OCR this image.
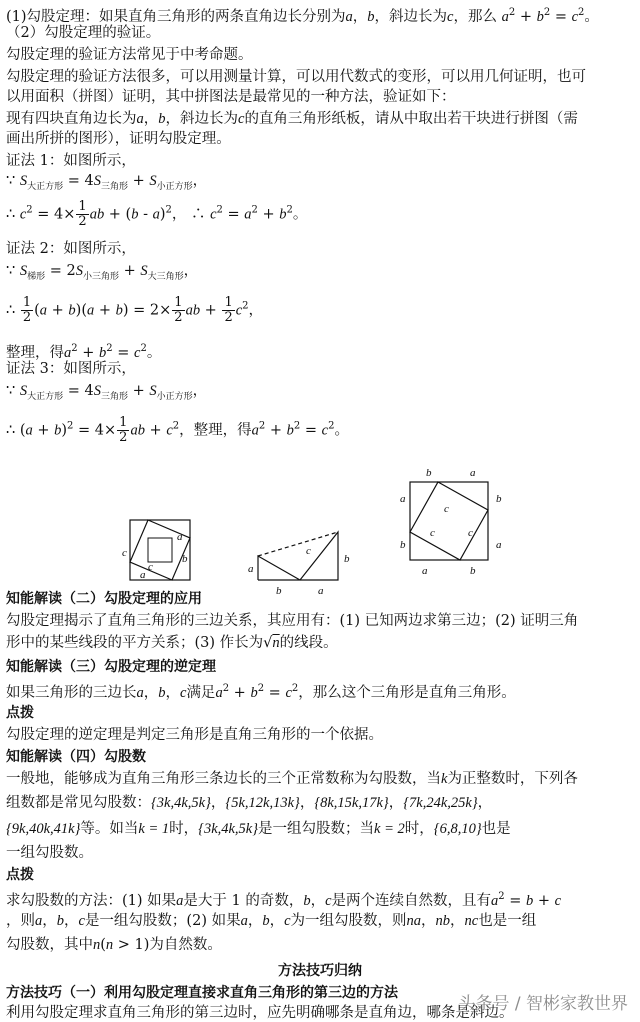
(1)勾股定理：如果直角三角形的两条直角边长分别为a，b，斜边长为c，那么 $a^2 + b^2 = c^2$。
（2）勾股定理的验证。
勾股定理的验证方法常见于中考命题。
勾股定理的验证方法很多，可以用测量计算，可以用代数式的变形，可以用几何证明，也可
以用面积（拼图）证明，其中拼图法是最常见的一种方法，验证如下：
现有四块直角边长为a，b，斜边长为c的直角三角形纸板，请从中取出若干块进行拼图（需
画出所拼的图形），证明勾股定理。
证法 1：如图所示，
∵ $S_{大正方形} = 4S_{三角形} + S_{小正方形}$，
∴ $c^2 = 4\times \frac{1}{2}$ ab + (b - a)$^2$， ∴ $c^2 = a^2 + b^2$。
证法 2：如图所示，
∵ $S_{梯形} = 2S_{小三角形} + S_{大三角形}$，
∴ $\frac{1}{2} (a + b)(a + b) = 2\times \frac{1}{2}$ ab + $\frac{1}{2} c^2$，
整理，得$a^2 + b^2 = c^2$。
证法 3：如图所示，
∵ $S_{大正方形} = 4S_{三角形} + S_{小正方形}$，
∴ $(a + b)^2 = 4\times \frac{1}{2}$ ab + $c^2$，整理，得$a^2 + b^2 = c^2$。
c
a
b
c
a	a
b	a
b
c
b	a
a
b
b
a
a	b
c
c	c
知能解读（二）勾股定理的应用
勾股定理揭示了直角三角形的三边关系，其应用有：(1) 已知两边求第三边；(2) 证明三角
形中的某些线段的平方关系；(3) 作长为√n的线段。
知能解读（三）勾股定理的逆定理
如果三角形的三边长a，b，c满足$a^2 + b^2 = c^2$，那么这个三角形是直角三角形。
点拨
勾股定理的逆定理是判定三角形是直角三角形的一个依据。
知能解读（四）勾股数
一般地，能够成为直角三角形三条边长的三个正常数称为勾股数，当k为正整数时，下列各
组数都是常见勾股数：{3k,4k,5k}，{5k,12k,13k}，{8k,15k,17k}，{7k,24k,25k}，
{9k,40k,41k}等。如当k = 1时，{3k,4k,5k}是一组勾股数；当k = 2时，{6,8,10}也是
一组勾股数。
点拨
求勾股数的方法：(1) 如果a是大于 1 的奇数，b，c是两个连续自然数，且有$a^2 = b + c$
，则a，b，c是一组勾股数；(2) 如果a，b，c为一组勾股数，则na，nb，nc也是一组
勾股数，其中n(n > 1)为自然数。
方法技巧归纳
方法技巧（一）利用勾股定理直接求直角三角形的第三边的方法
利用勾股定理求直角三角形的第三边时，应先明确哪条是直角边，哪条是斜边。
头条号 / 智彬家教世界
